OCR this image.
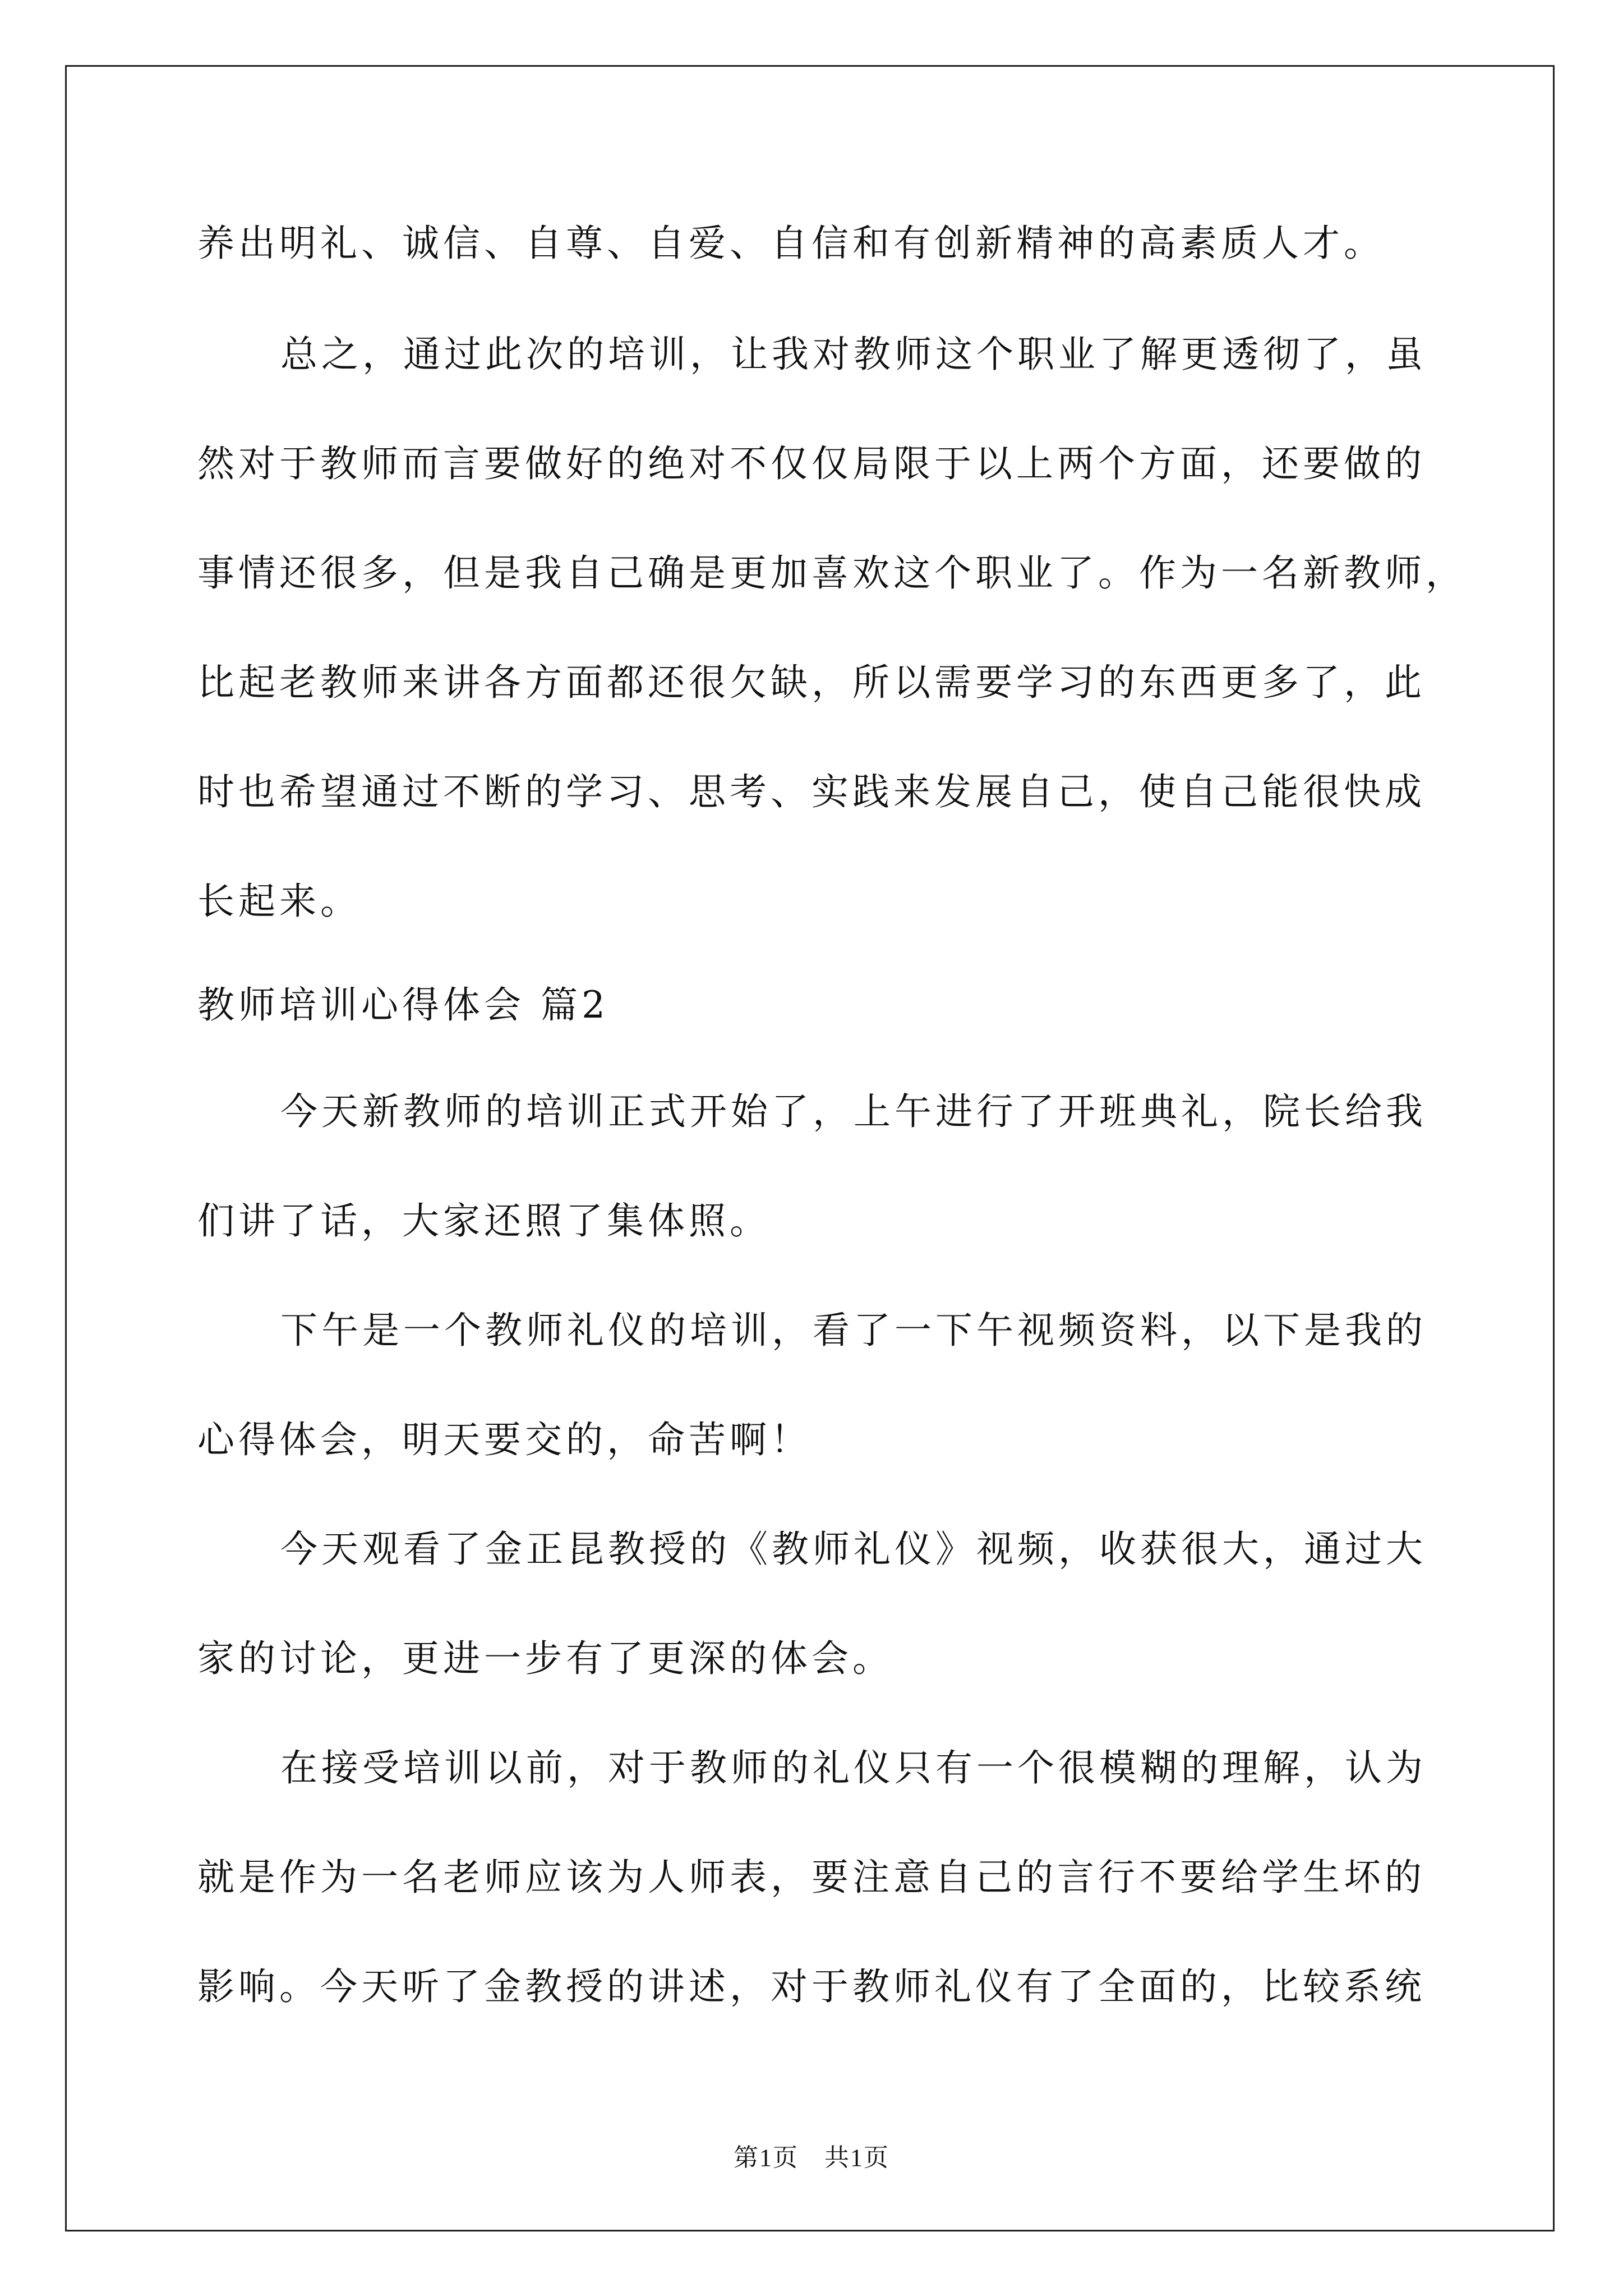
养出明礼、诚信、自尊、自爱、自信和有创新精神的高素质人才。
总之，通过此次的培训，让我对教师这个职业了解更透彻了，虽
然对于教师而言要做好的绝对不仅仅局限于以上两个方面，还要做的
事情还很多，但是我自己确是更加喜欢这个职业了。作为一名新教师，
比起老教师来讲各方面都还很欠缺，所以需要学习的东西更多了，此
时也希望通过不断的学习、思考、实践来发展自己，使自己能很快成
长起来。
教师培训心得体会 篇2
今天新教师的培训正式开始了，上午进行了开班典礼，院长给我
们讲了话，大家还照了集体照。
下午是一个教师礼仪的培训，看了一下午视频资料，以下是我的
心得体会，明天要交的，命苦啊！
今天观看了金正昆教授的《教师礼仪》视频，收获很大，通过大
家的讨论，更进一步有了更深的体会。
在接受培训以前，对于教师的礼仪只有一个很模糊的理解，认为
就是作为一名老师应该为人师表，要注意自己的言行不要给学生坏的
影响。今天听了金教授的讲述，对于教师礼仪有了全面的，比较系统
第1页　共1页
